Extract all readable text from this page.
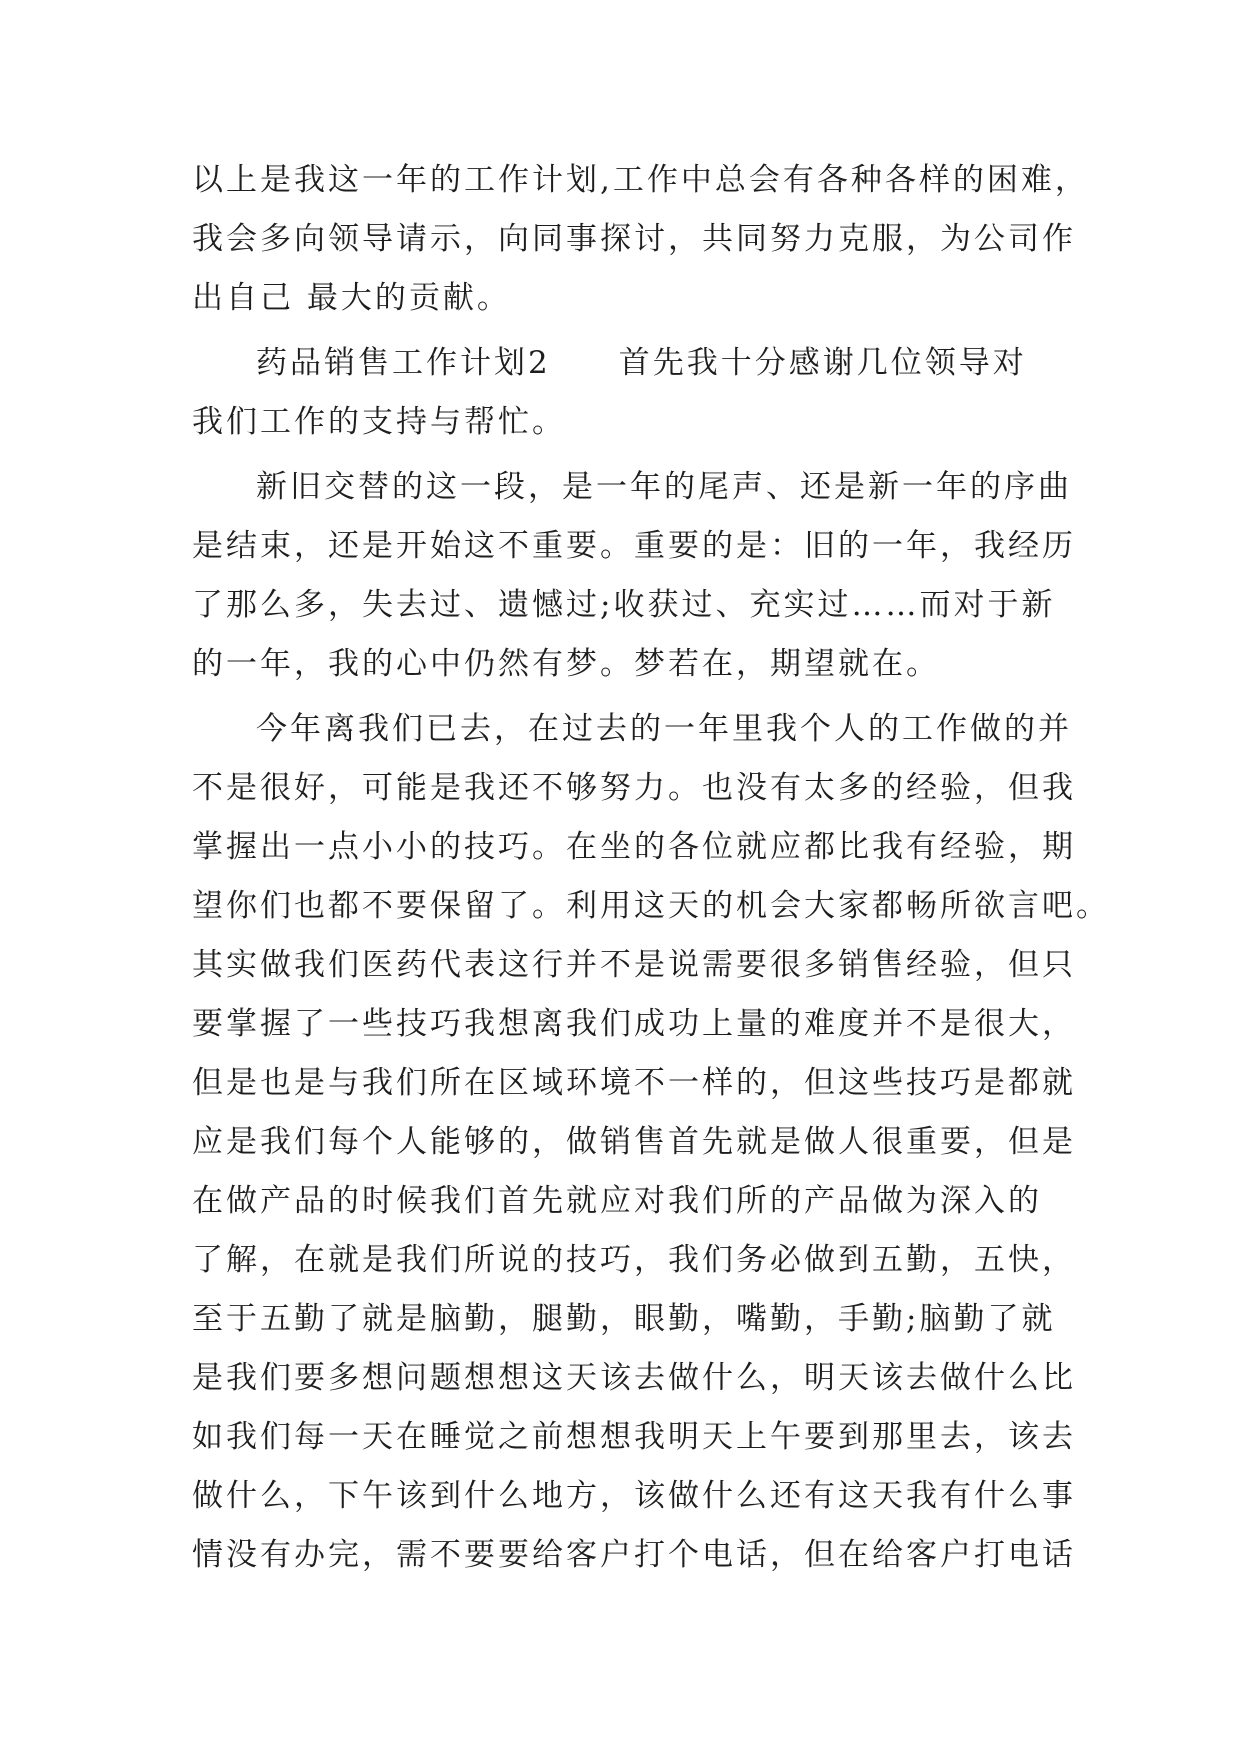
以上是我这一年的工作计划,工作中总会有各种各样的困难，
我会多向领导请示，向同事探讨，共同努力克服，为公司作
出自己 最大的贡献。
药品销售工作计划2　　首先我十分感谢几位领导对
我们工作的支持与帮忙。
新旧交替的这一段，是一年的尾声、还是新一年的序曲
是结束，还是开始这不重要。重要的是：旧的一年，我经历
了那么多，失去过、遗憾过;收获过、充实过……而对于新
的一年，我的心中仍然有梦。梦若在，期望就在。
今年离我们已去，在过去的一年里我个人的工作做的并
不是很好，可能是我还不够努力。也没有太多的经验，但我
掌握出一点小小的技巧。在坐的各位就应都比我有经验，期
望你们也都不要保留了。利用这天的机会大家都畅所欲言吧。
其实做我们医药代表这行并不是说需要很多销售经验，但只
要掌握了一些技巧我想离我们成功上量的难度并不是很大，
但是也是与我们所在区域环境不一样的，但这些技巧是都就
应是我们每个人能够的，做销售首先就是做人很重要，但是
在做产品的时候我们首先就应对我们所的产品做为深入的
了解，在就是我们所说的技巧，我们务必做到五勤，五快，
至于五勤了就是脑勤，腿勤，眼勤，嘴勤，手勤;脑勤了就
是我们要多想问题想想这天该去做什么，明天该去做什么比
如我们每一天在睡觉之前想想我明天上午要到那里去，该去
做什么，下午该到什么地方，该做什么还有这天我有什么事
情没有办完，需不要要给客户打个电话，但在给客户打电话
